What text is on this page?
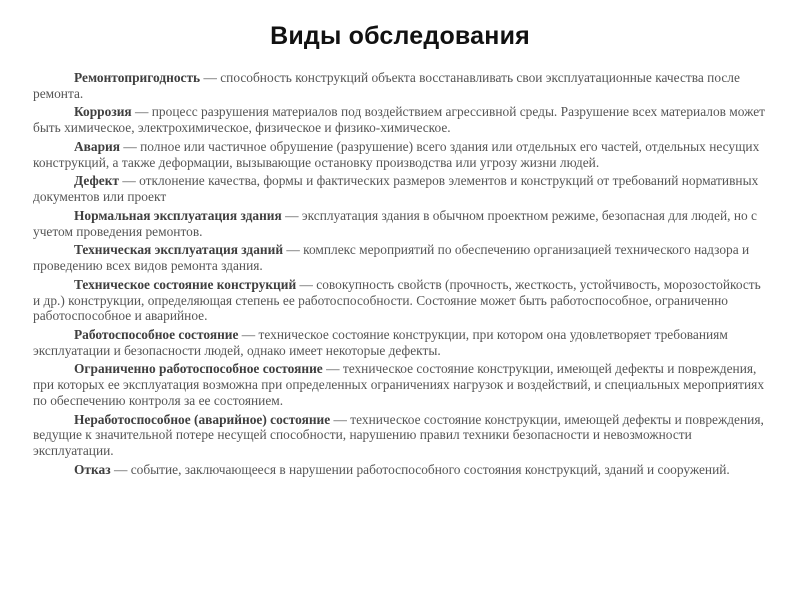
Виды обследования

Ремонтопригодность — способность конструкций объекта восстанавливать свои эксплуатационные качества после ремонта.

Коррозия — процесс разрушения материалов под воздействием агрессивной среды. Разрушение всех материалов может быть химическое, электрохимическое, физическое и физико-химическое.

Авария — полное или частичное обрушение (разрушение) всего здания или отдельных его частей, отдельных несущих конструкций, а также деформации, вызывающие остановку производства или угрозу жизни людей.

Дефект — отклонение качества, формы и фактических размеров элементов и конструкций от требований нормативных документов или проект

Нормальная эксплуатация здания — эксплуатация здания в обычном проектном режиме, безопасная для людей, но с учетом проведения ремонтов.

Техническая эксплуатация зданий — комплекс мероприятий по обеспечению организацией технического надзора и проведению всех видов ремонта здания.

Техническое состояние конструкций — совокупность свойств (прочность, жесткость, устойчивость, морозостойкость и др.) конструкции, определяющая степень ее работоспособности. Состояние может быть работоспособное, ограниченно работоспособное и аварийное.

Работоспособное состояние — техническое состояние конструкции, при котором она удовлетворяет требованиям эксплуатации и безопасности людей, однако имеет некоторые дефекты.

Ограниченно работоспособное состояние — техническое состояние конструкции, имеющей дефекты и повреждения, при которых ее эксплуатация возможна при определенных ограничениях нагрузок и воздействий, и специальных мероприятиях по обеспечению контроля за ее состоянием.

Неработоспособное (аварийное) состояние — техническое состояние конструкции, имеющей дефекты и повреждения, ведущие к значительной потере несущей способности, нарушению правил техники безопасности и невозможности эксплуатации.

Отказ — событие, заключающееся в нарушении работоспособного состояния конструкций, зданий и сооружений.
